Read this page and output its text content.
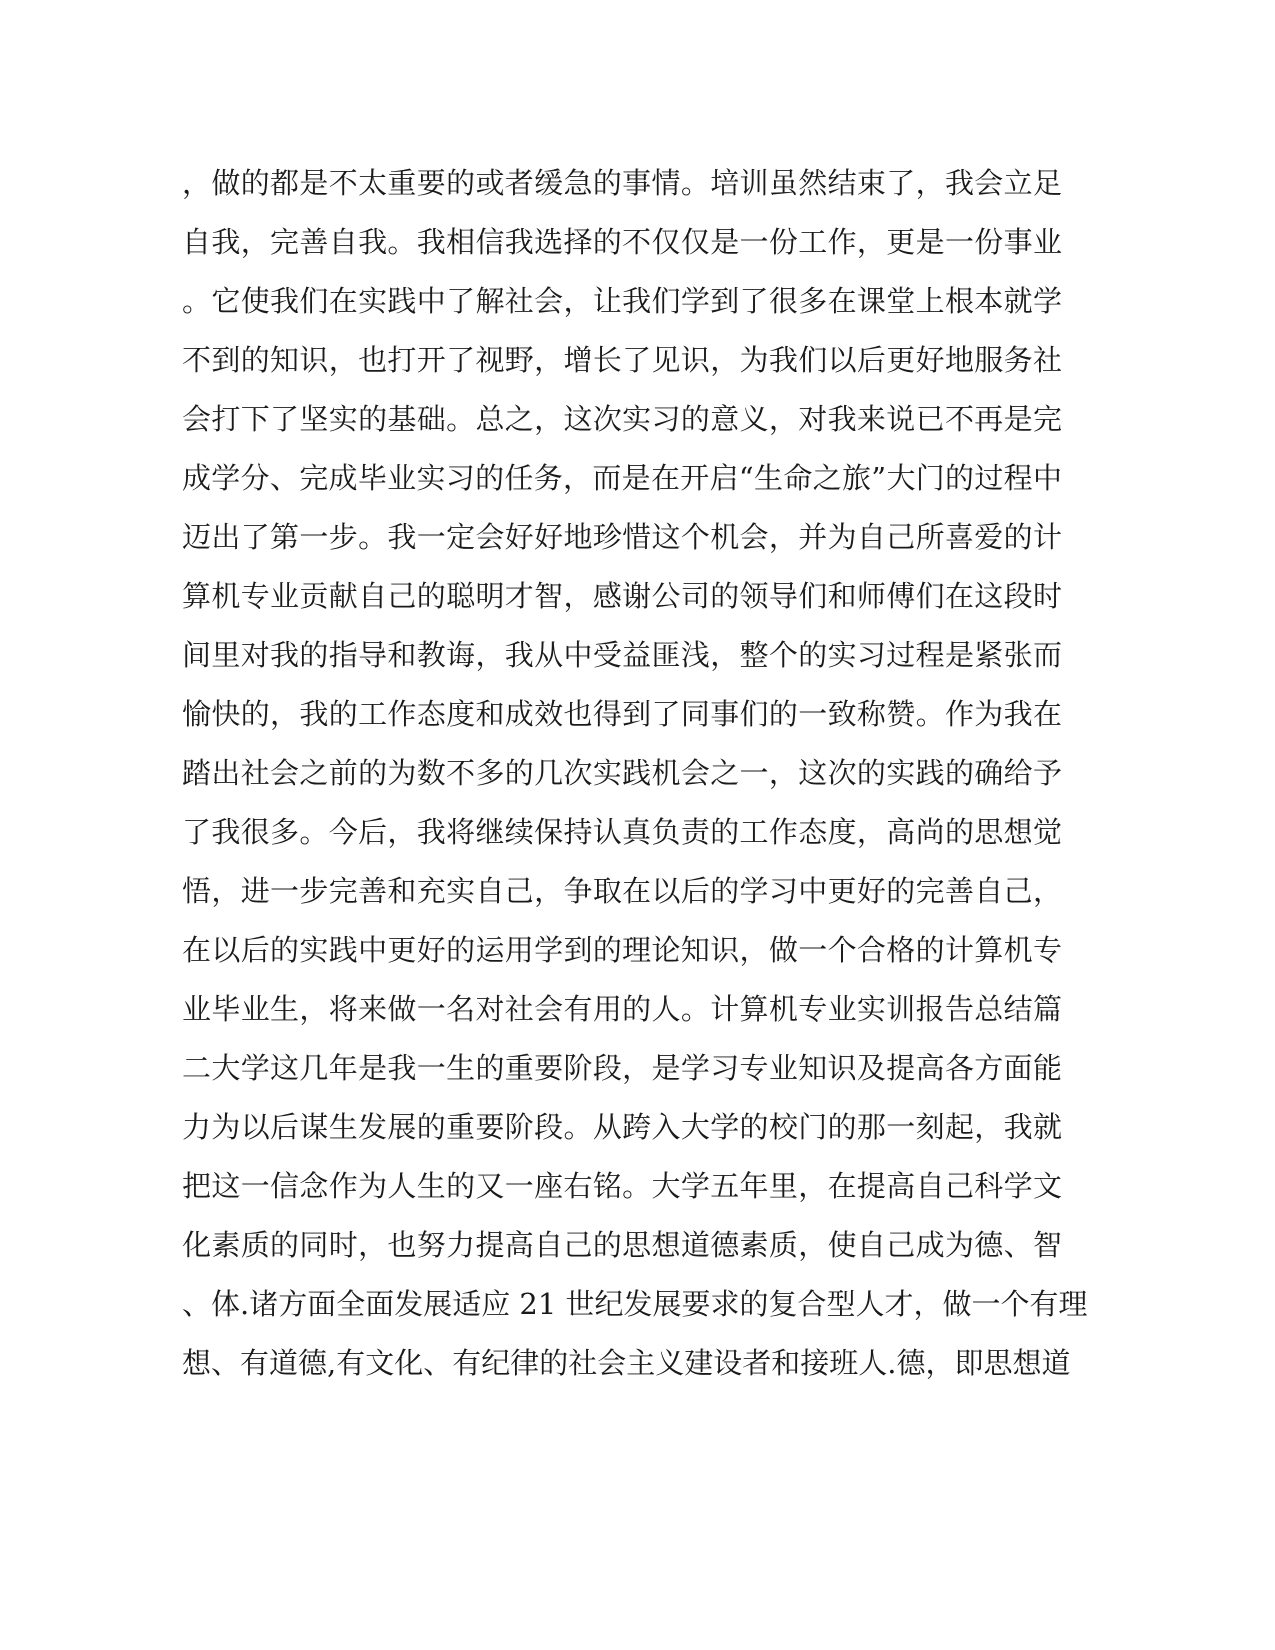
，做的都是不太重要的或者缓急的事情。培训虽然结束了，我会立足
自我，完善自我。我相信我选择的不仅仅是一份工作，更是一份事业
。它使我们在实践中了解社会，让我们学到了很多在课堂上根本就学
不到的知识，也打开了视野，增长了见识，为我们以后更好地服务社
会打下了坚实的基础。总之，这次实习的意义，对我来说已不再是完
成学分、完成毕业实习的任务，而是在开启“生命之旅”大门的过程中
迈出了第一步。我一定会好好地珍惜这个机会，并为自己所喜爱的计
算机专业贡献自己的聪明才智，感谢公司的领导们和师傅们在这段时
间里对我的指导和教诲，我从中受益匪浅，整个的实习过程是紧张而
愉快的，我的工作态度和成效也得到了同事们的一致称赞。作为我在
踏出社会之前的为数不多的几次实践机会之一，这次的实践的确给予
了我很多。今后，我将继续保持认真负责的工作态度，高尚的思想觉
悟，进一步完善和充实自己，争取在以后的学习中更好的完善自己，
在以后的实践中更好的运用学到的理论知识，做一个合格的计算机专
业毕业生，将来做一名对社会有用的人。计算机专业实训报告总结篇
二大学这几年是我一生的重要阶段，是学习专业知识及提高各方面能
力为以后谋生发展的重要阶段。从跨入大学的校门的那一刻起，我就
把这一信念作为人生的又一座右铭。大学五年里，在提高自己科学文
化素质的同时，也努力提高自己的思想道德素质，使自己成为德、智
、体.诸方面全面发展适应 21 世纪发展要求的复合型人才，做一个有理
想、有道德,有文化、有纪律的社会主义建设者和接班人.德，即思想道
